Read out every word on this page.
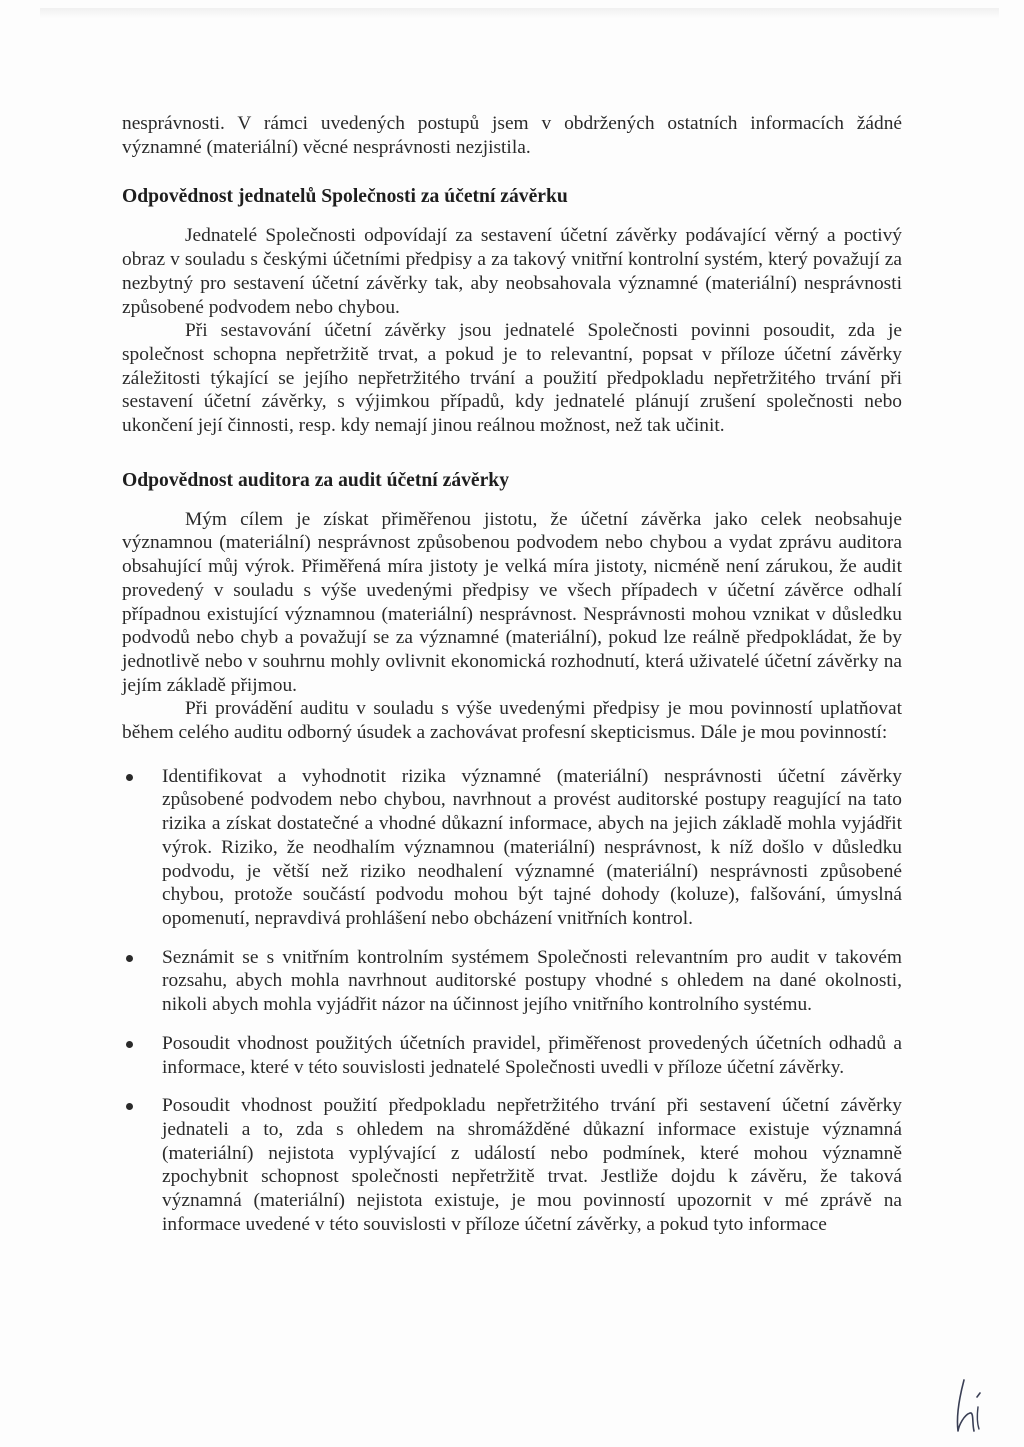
nesprávnosti. V rámci uvedených postupů jsem v obdržených ostatních informacích žádné významné (materiální) věcné nesprávnosti nezjistila.

Odpovědnost jednatelů Společnosti za účetní závěrku

Jednatelé Společnosti odpovídají za sestavení účetní závěrky podávající věrný a poctivý obraz v souladu s českými účetními předpisy a za takový vnitřní kontrolní systém, který považují za nezbytný pro sestavení účetní závěrky tak, aby neobsahovala významné (materiální) nesprávnosti způsobené podvodem nebo chybou.

Při sestavování účetní závěrky jsou jednatelé Společnosti povinni posoudit, zda je společnost schopna nepřetržitě trvat, a pokud je to relevantní, popsat v příloze účetní závěrky záležitosti týkající se jejího nepřetržitého trvání a použití předpokladu nepřetržitého trvání při sestavení účetní závěrky, s výjimkou případů, kdy jednatelé plánují zrušení společnosti nebo ukončení její činnosti, resp. kdy nemají jinou reálnou možnost, než tak učinit.

Odpovědnost auditora za audit účetní závěrky

Mým cílem je získat přiměřenou jistotu, že účetní závěrka jako celek neobsahuje významnou (materiální) nesprávnost způsobenou podvodem nebo chybou a vydat zprávu auditora obsahující můj výrok. Přiměřená míra jistoty je velká míra jistoty, nicméně není zárukou, že audit provedený v souladu s výše uvedenými předpisy ve všech případech v účetní závěrce odhalí případnou existující významnou (materiální) nesprávnost. Nesprávnosti mohou vznikat v důsledku podvodů nebo chyb a považují se za významné (materiální), pokud lze reálně předpokládat, že by jednotlivě nebo v souhrnu mohly ovlivnit ekonomická rozhodnutí, která uživatelé účetní závěrky na jejím základě přijmou.

Při provádění auditu v souladu s výše uvedenými předpisy je mou povinností uplatňovat během celého auditu odborný úsudek a zachovávat profesní skepticismus. Dále je mou povinností:

Identifikovat a vyhodnotit rizika významné (materiální) nesprávnosti účetní závěrky způsobené podvodem nebo chybou, navrhnout a provést auditorské postupy reagující na tato rizika a získat dostatečné a vhodné důkazní informace, abych na jejich základě mohla vyjádřit výrok. Riziko, že neodhalím významnou (materiální) nesprávnost, k níž došlo v důsledku podvodu, je větší než riziko neodhalení významné (materiální) nesprávnosti způsobené chybou, protože součástí podvodu mohou být tajné dohody (koluze), falšování, úmyslná opomenutí, nepravdivá prohlášení nebo obcházení vnitřních kontrol.
Seznámit se s vnitřním kontrolním systémem Společnosti relevantním pro audit v takovém rozsahu, abych mohla navrhnout auditorské postupy vhodné s ohledem na dané okolnosti, nikoli abych mohla vyjádřit názor na účinnost jejího vnitřního kontrolního systému.
Posoudit vhodnost použitých účetních pravidel, přiměřenost provedených účetních odhadů a informace, které v této souvislosti jednatelé Společnosti uvedli v příloze účetní závěrky.
Posoudit vhodnost použití předpokladu nepřetržitého trvání při sestavení účetní závěrky jednateli a to, zda s ohledem na shromážděné důkazní informace existuje významná (materiální) nejistota vyplývající z událostí nebo podmínek, které mohou významně zpochybnit schopnost společnosti nepřetržitě trvat. Jestliže dojdu k závěru, že taková významná (materiální) nejistota existuje, je mou povinností upozornit v mé zprávě na informace uvedené v této souvislosti v příloze účetní závěrky, a pokud tyto informace
